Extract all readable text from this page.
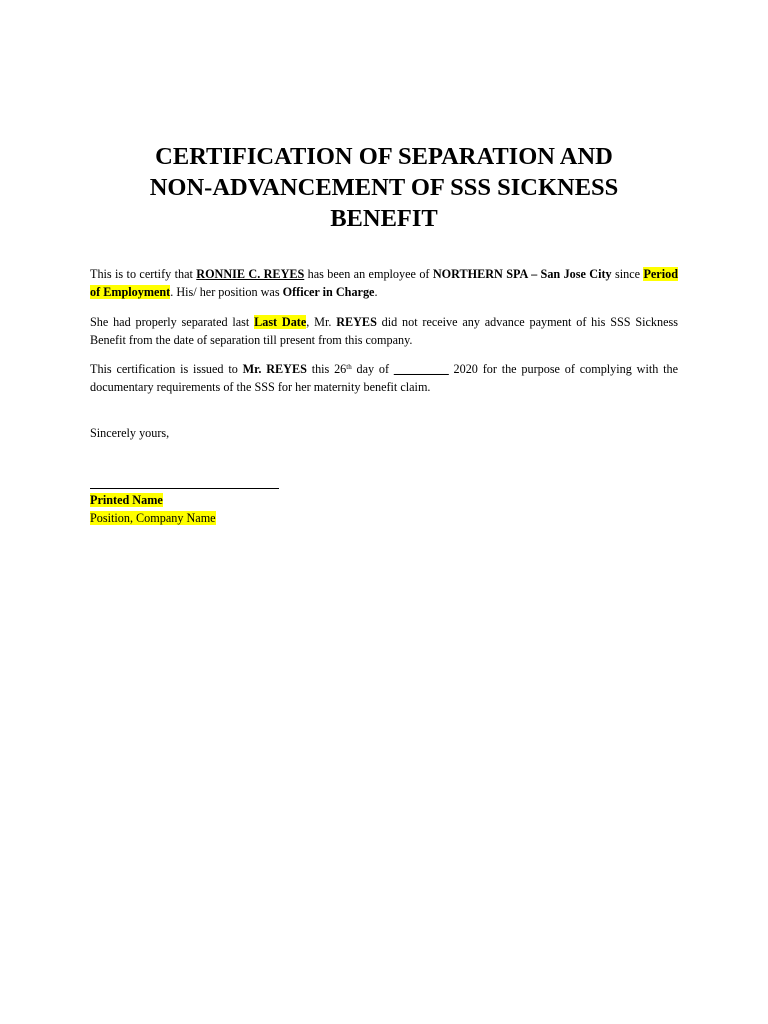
CERTIFICATION OF SEPARATION AND
NON-ADVANCEMENT OF SSS SICKNESS
BENEFIT

This is to certify that RONNIE C. REYES has been an employee of NORTHERN SPA – San Jose City since Period of Employment. His/ her position was Officer in Charge.

She had properly separated last Last Date, Mr. REYES did not receive any advance payment of his SSS Sickness Benefit from the date of separation till present from this company.

This certification is issued to Mr. REYES this 26th day of _________ 2020 for the purpose of complying with the documentary requirements of the SSS for her maternity benefit claim.

Sincerely yours,

Printed Name
Position, Company Name
